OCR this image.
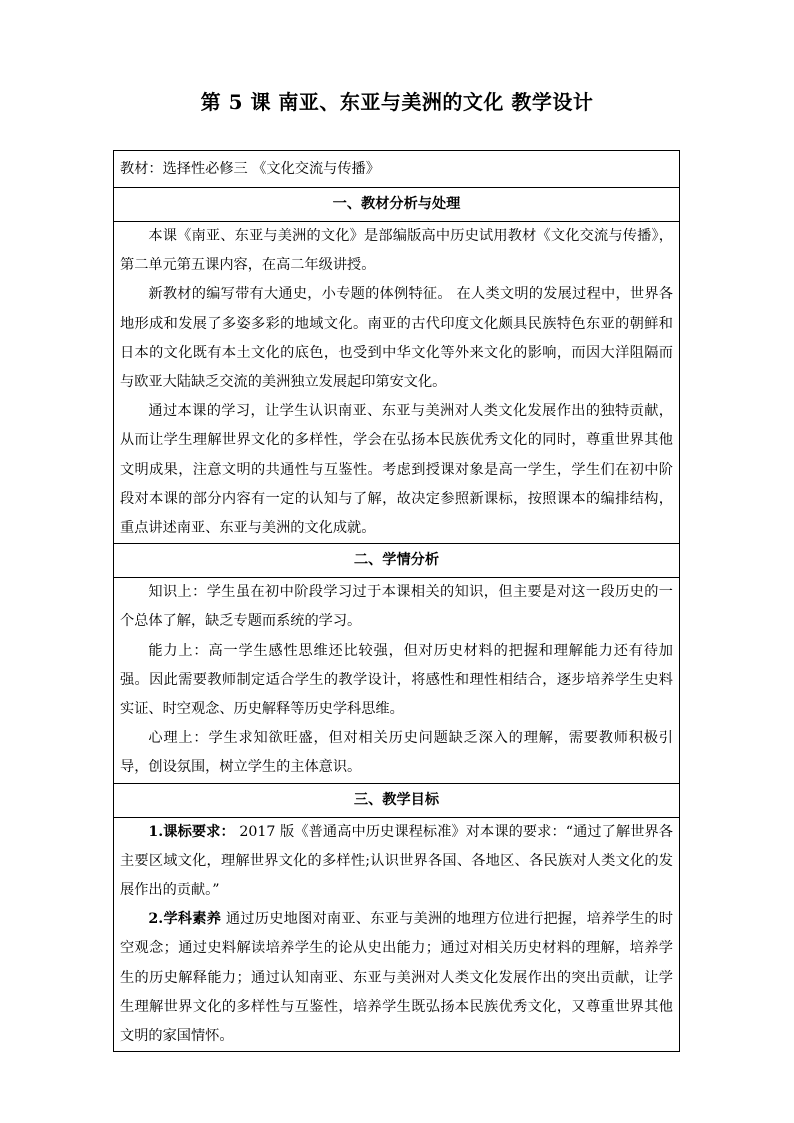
第 5 课 南亚、东亚与美洲的文化 教学设计
教材：选择性必修三 《文化交流与传播》
一、教材分析与处理

本课《南亚、东亚与美洲的文化》是部编版高中历史试用教材《文化交流与传播》，第二单元第五课内容，在高二年级讲授。

新教材的编写带有大通史，小专题的体例特征。 在人类文明的发展过程中，世界各地形成和发展了多姿多彩的地域文化。南亚的古代印度文化颇具民族特色东亚的朝鲜和日本的文化既有本土文化的底色，也受到中华文化等外来文化的影响，而因大洋阻隔而与欧亚大陆缺乏交流的美洲独立发展起印第安文化。

通过本课的学习，让学生认识南亚、东亚与美洲对人类文化发展作出的独特贡献，从而让学生理解世界文化的多样性，学会在弘扬本民族优秀文化的同时，尊重世界其他文明成果，注意文明的共通性与互鉴性。考虑到授课对象是高一学生，学生们在初中阶段对本课的部分内容有一定的认知与了解，故决定参照新课标，按照课本的编排结构，重点讲述南亚、东亚与美洲的文化成就。

二、学情分析

知识上：学生虽在初中阶段学习过于本课相关的知识，但主要是对这一段历史的一个总体了解，缺乏专题而系统的学习。

能力上：高一学生感性思维还比较强，但对历史材料的把握和理解能力还有待加强。因此需要教师制定适合学生的教学设计，将感性和理性相结合，逐步培养学生史料实证、时空观念、历史解释等历史学科思维。

心理上：学生求知欲旺盛，但对相关历史问题缺乏深入的理解，需要教师积极引导，创设氛围，树立学生的主体意识。

三、教学目标

1.课标要求： 2017 版《普通高中历史课程标准》对本课的要求：“通过了解世界各主要区域文化，理解世界文化的多样性;认识世界各国、各地区、各民族对人类文化的发展作出的贡献。”

2.学科素养 通过历史地图对南亚、东亚与美洲的地理方位进行把握，培养学生的时空观念；通过史料解读培养学生的论从史出能力；通过对相关历史材料的理解，培养学生的历史解释能力；通过认知南亚、东亚与美洲对人类文化发展作出的突出贡献，让学生理解世界文化的多样性与互鉴性，培养学生既弘扬本民族优秀文化，又尊重世界其他文明的家国情怀。
